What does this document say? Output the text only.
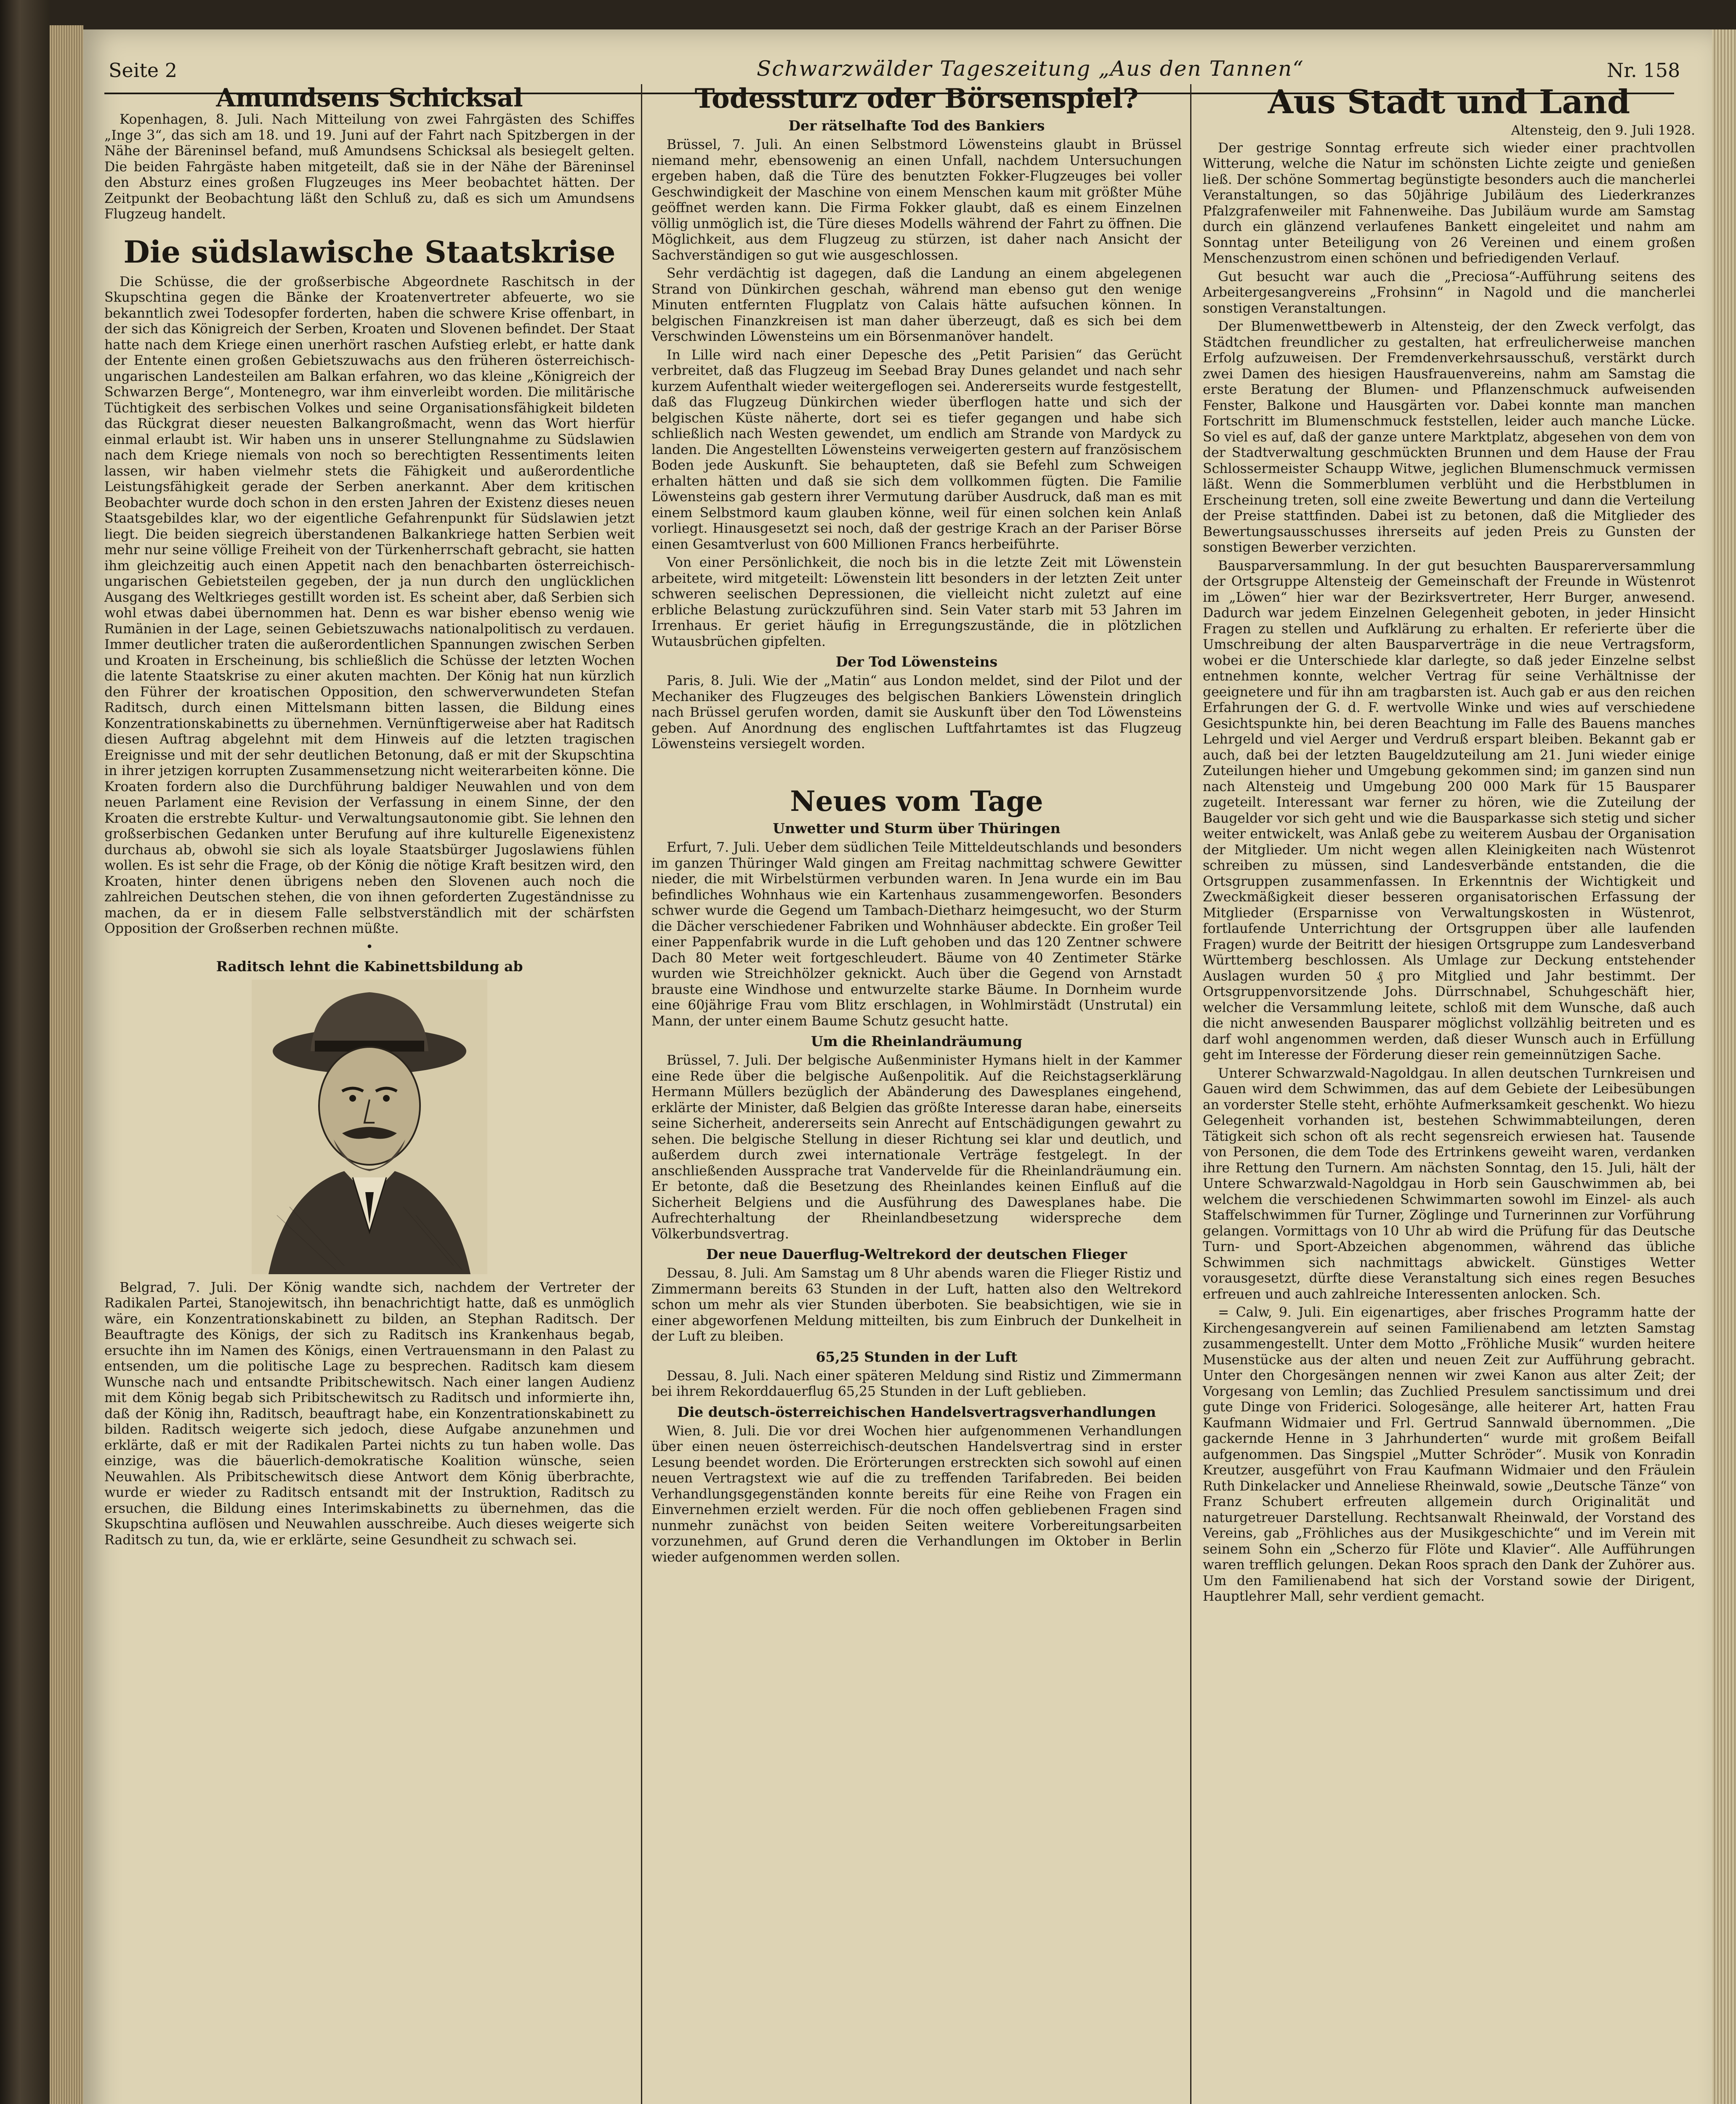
Seite 2	Schwarzwälder Tageszeitung „Aus den Tannen“	Nr. 158
Amundsens Schicksal

Kopenhagen, 8. Juli. Nach Mitteilung von zwei Fahrgästen des Schiffes „Inge 3“, das sich am 18. und 19. Juni auf der Fahrt nach Spitzbergen in der Nähe der Bäreninsel befand, muß Amundsens Schicksal als besiegelt gelten. Die beiden Fahrgäste haben mitgeteilt, daß sie in der Nähe der Bäreninsel den Absturz eines großen Flugzeuges ins Meer beobachtet hätten. Der Zeitpunkt der Beobachtung läßt den Schluß zu, daß es sich um Amundsens Flugzeug handelt.

Die südslawische Staatskrise

Die Schüsse, die der großserbische Abgeordnete Raschitsch in der Skupschtina gegen die Bänke der Kroatenvertreter abfeuerte, wo sie bekanntlich zwei Todesopfer forderten, haben die schwere Krise offenbart, in der sich das Königreich der Serben, Kroaten und Slovenen befindet. Der Staat hatte nach dem Kriege einen unerhört raschen Aufstieg erlebt, er hatte dank der Entente einen großen Gebietszuwachs aus den früheren österreichisch-ungarischen Landesteilen am Balkan erfahren, wo das kleine „Königreich der Schwarzen Berge“, Montenegro, war ihm einverleibt worden. Die militärische Tüchtigkeit des serbischen Volkes und seine Organisationsfähigkeit bildeten das Rückgrat dieser neuesten Balkangroßmacht, wenn das Wort hierfür einmal erlaubt ist. Wir haben uns in unserer Stellungnahme zu Südslawien nach dem Kriege niemals von noch so berechtigten Ressentiments leiten lassen, wir haben vielmehr stets die Fähigkeit und außerordentliche Leistungsfähigkeit gerade der Serben anerkannt. Aber dem kritischen Beobachter wurde doch schon in den ersten Jahren der Existenz dieses neuen Staatsgebildes klar, wo der eigentliche Gefahrenpunkt für Südslawien jetzt liegt. Die beiden siegreich überstandenen Balkankriege hatten Serbien weit mehr nur seine völlige Freiheit von der Türkenherrschaft gebracht, sie hatten ihm gleichzeitig auch einen Appetit nach den benachbarten österreichisch-ungarischen Gebietsteilen gegeben, der ja nun durch den unglücklichen Ausgang des Weltkrieges gestillt worden ist. Es scheint aber, daß Serbien sich wohl etwas dabei übernommen hat. Denn es war bisher ebenso wenig wie Rumänien in der Lage, seinen Gebietszuwachs nationalpolitisch zu verdauen. Immer deutlicher traten die außerordentlichen Spannungen zwischen Serben und Kroaten in Erscheinung, bis schließlich die Schüsse der letzten Wochen die latente Staatskrise zu einer akuten machten. Der König hat nun kürzlich den Führer der kroatischen Opposition, den schwerverwundeten Stefan Raditsch, durch einen Mittelsmann bitten lassen, die Bildung eines Konzentrationskabinetts zu übernehmen. Vernünftigerweise aber hat Raditsch diesen Auftrag abgelehnt mit dem Hinweis auf die letzten tragischen Ereignisse und mit der sehr deutlichen Betonung, daß er mit der Skupschtina in ihrer jetzigen korrupten Zusammensetzung nicht weiterarbeiten könne. Die Kroaten fordern also die Durchführung baldiger Neuwahlen und von dem neuen Parlament eine Revision der Verfassung in einem Sinne, der den Kroaten die erstrebte Kultur- und Verwaltungsautonomie gibt. Sie lehnen den großserbischen Gedanken unter Berufung auf ihre kulturelle Eigenexistenz durchaus ab, obwohl sie sich als loyale Staatsbürger Jugoslawiens fühlen wollen. Es ist sehr die Frage, ob der König die nötige Kraft besitzen wird, den Kroaten, hinter denen übrigens neben den Slovenen auch noch die zahlreichen Deutschen stehen, die von ihnen geforderten Zugeständnisse zu machen, da er in diesem Falle selbstverständlich mit der schärfsten Opposition der Großserben rechnen müßte.

•
Raditsch lehnt die Kabinettsbildung ab

Belgrad, 7. Juli. Der König wandte sich, nachdem der Vertreter der Radikalen Partei, Stanojewitsch, ihn benachrichtigt hatte, daß es unmöglich wäre, ein Konzentrationskabinett zu bilden, an Stephan Raditsch. Der Beauftragte des Königs, der sich zu Raditsch ins Krankenhaus begab, ersuchte ihn im Namen des Königs, einen Vertrauensmann in den Palast zu entsenden, um die politische Lage zu besprechen. Raditsch kam diesem Wunsche nach und entsandte Pribitschewitsch. Nach einer langen Audienz mit dem König begab sich Pribitschewitsch zu Raditsch und informierte ihn, daß der König ihn, Raditsch, beauftragt habe, ein Konzentrationskabinett zu bilden. Raditsch weigerte sich jedoch, diese Aufgabe anzunehmen und erklärte, daß er mit der Radikalen Partei nichts zu tun haben wolle. Das einzige, was die bäuerlich-demokratische Koalition wünsche, seien Neuwahlen. Als Pribitschewitsch diese Antwort dem König überbrachte, wurde er wieder zu Raditsch entsandt mit der Instruktion, Raditsch zu ersuchen, die Bildung eines Interimskabinetts zu übernehmen, das die Skupschtina auflösen und Neuwahlen ausschreibe. Auch dieses weigerte sich Raditsch zu tun, da, wie er erklärte, seine Gesundheit zu schwach sei.

Todessturz oder Börsenspiel?
Der rätselhafte Tod des Bankiers

Brüssel, 7. Juli. An einen Selbstmord Löwensteins glaubt in Brüssel niemand mehr, ebensowenig an einen Unfall, nachdem Untersuchungen ergeben haben, daß die Türe des benutzten Fokker-Flugzeuges bei voller Geschwindigkeit der Maschine von einem Menschen kaum mit größter Mühe geöffnet werden kann. Die Firma Fokker glaubt, daß es einem Einzelnen völlig unmöglich ist, die Türe dieses Modells während der Fahrt zu öffnen. Die Möglichkeit, aus dem Flugzeug zu stürzen, ist daher nach Ansicht der Sachverständigen so gut wie ausgeschlossen.

Sehr verdächtig ist dagegen, daß die Landung an einem abgelegenen Strand von Dünkirchen geschah, während man ebenso gut den wenige Minuten entfernten Flugplatz von Calais hätte aufsuchen können. In belgischen Finanzkreisen ist man daher überzeugt, daß es sich bei dem Verschwinden Löwensteins um ein Börsenmanöver handelt.

In Lille wird nach einer Depesche des „Petit Parisien“ das Gerücht verbreitet, daß das Flugzeug im Seebad Bray Dunes gelandet und nach sehr kurzem Aufenthalt wieder weitergeflogen sei. Andererseits wurde festgestellt, daß das Flugzeug Dünkirchen wieder überflogen hatte und sich der belgischen Küste näherte, dort sei es tiefer gegangen und habe sich schließlich nach Westen gewendet, um endlich am Strande von Mardyck zu landen. Die Angestellten Löwensteins verweigerten gestern auf französischem Boden jede Auskunft. Sie behaupteten, daß sie Befehl zum Schweigen erhalten hätten und daß sie sich dem vollkommen fügten. Die Familie Löwensteins gab gestern ihrer Vermutung darüber Ausdruck, daß man es mit einem Selbstmord kaum glauben könne, weil für einen solchen kein Anlaß vorliegt. Hinausgesetzt sei noch, daß der gestrige Krach an der Pariser Börse einen Gesamtverlust von 600 Millionen Francs herbeiführte.

Von einer Persönlichkeit, die noch bis in die letzte Zeit mit Löwenstein arbeitete, wird mitgeteilt: Löwenstein litt besonders in der letzten Zeit unter schweren seelischen Depressionen, die vielleicht nicht zuletzt auf eine erbliche Belastung zurückzuführen sind. Sein Vater starb mit 53 Jahren im Irrenhaus. Er geriet häufig in Erregungszustände, die in plötzlichen Wutausbrüchen gipfelten.

Der Tod Löwensteins

Paris, 8. Juli. Wie der „Matin“ aus London meldet, sind der Pilot und der Mechaniker des Flugzeuges des belgischen Bankiers Löwenstein dringlich nach Brüssel gerufen worden, damit sie Auskunft über den Tod Löwensteins geben. Auf Anordnung des englischen Luftfahrtamtes ist das Flugzeug Löwensteins versiegelt worden.

Neues vom Tage
Unwetter und Sturm über Thüringen

Erfurt, 7. Juli. Ueber dem südlichen Teile Mitteldeutschlands und besonders im ganzen Thüringer Wald gingen am Freitag nachmittag schwere Gewitter nieder, die mit Wirbelstürmen verbunden waren. In Jena wurde ein im Bau befindliches Wohnhaus wie ein Kartenhaus zusammengeworfen. Besonders schwer wurde die Gegend um Tambach-Dietharz heimgesucht, wo der Sturm die Dächer verschiedener Fabriken und Wohnhäuser abdeckte. Ein großer Teil einer Pappenfabrik wurde in die Luft gehoben und das 120 Zentner schwere Dach 80 Meter weit fortgeschleudert. Bäume von 40 Zentimeter Stärke wurden wie Streichhölzer geknickt. Auch über die Gegend von Arnstadt brauste eine Windhose und entwurzelte starke Bäume. In Dornheim wurde eine 60jährige Frau vom Blitz erschlagen, in Wohlmirstädt (Unstrutal) ein Mann, der unter einem Baume Schutz gesucht hatte.

Um die Rheinlandräumung

Brüssel, 7. Juli. Der belgische Außenminister Hymans hielt in der Kammer eine Rede über die belgische Außenpolitik. Auf die Reichstagserklärung Hermann Müllers bezüglich der Abänderung des Dawesplanes eingehend, erklärte der Minister, daß Belgien das größte Interesse daran habe, einerseits seine Sicherheit, andererseits sein Anrecht auf Entschädigungen gewahrt zu sehen. Die belgische Stellung in dieser Richtung sei klar und deutlich, und außerdem durch zwei internationale Verträge festgelegt. In der anschließenden Aussprache trat Vandervelde für die Rheinlandräumung ein. Er betonte, daß die Besetzung des Rheinlandes keinen Einfluß auf die Sicherheit Belgiens und die Ausführung des Dawesplanes habe. Die Aufrechterhaltung der Rheinlandbesetzung widerspreche dem Völkerbundsvertrag.

Der neue Dauerflug-Weltrekord der deutschen Flieger

Dessau, 8. Juli. Am Samstag um 8 Uhr abends waren die Flieger Ristiz und Zimmermann bereits 63 Stunden in der Luft, hatten also den Weltrekord schon um mehr als vier Stunden überboten. Sie beabsichtigen, wie sie in einer abgeworfenen Meldung mitteilten, bis zum Einbruch der Dunkelheit in der Luft zu bleiben.

65,25 Stunden in der Luft

Dessau, 8. Juli. Nach einer späteren Meldung sind Ristiz und Zimmermann bei ihrem Rekorddauerflug 65,25 Stunden in der Luft geblieben.

Die deutsch-österreichischen Handelsvertragsverhandlungen

Wien, 8. Juli. Die vor drei Wochen hier aufgenommenen Verhandlungen über einen neuen österreichisch-deutschen Handelsvertrag sind in erster Lesung beendet worden. Die Erörterungen erstreckten sich sowohl auf einen neuen Vertragstext wie auf die zu treffenden Tarifabreden. Bei beiden Verhandlungsgegenständen konnte bereits für eine Reihe von Fragen ein Einvernehmen erzielt werden. Für die noch offen gebliebenen Fragen sind nunmehr zunächst von beiden Seiten weitere Vorbereitungsarbeiten vorzunehmen, auf Grund deren die Verhandlungen im Oktober in Berlin wieder aufgenommen werden sollen.

Aus Stadt und Land
Altensteig, den 9. Juli 1928.

Der gestrige Sonntag erfreute sich wieder einer prachtvollen Witterung, welche die Natur im schönsten Lichte zeigte und genießen ließ. Der schöne Sommertag begünstigte besonders auch die mancherlei Veranstaltungen, so das 50jährige Jubiläum des Liederkranzes Pfalzgrafenweiler mit Fahnenweihe. Das Jubiläum wurde am Samstag durch ein glänzend verlaufenes Bankett eingeleitet und nahm am Sonntag unter Beteiligung von 26 Vereinen und einem großen Menschenzustrom einen schönen und befriedigenden Verlauf.

Gut besucht war auch die „Preciosa“-Aufführung seitens des Arbeitergesangvereins „Frohsinn“ in Nagold und die mancherlei sonstigen Veranstaltungen.

Der Blumenwettbewerb in Altensteig, der den Zweck verfolgt, das Städtchen freundlicher zu gestalten, hat erfreulicherweise manchen Erfolg aufzuweisen. Der Fremdenverkehrsausschuß, verstärkt durch zwei Damen des hiesigen Hausfrauenvereins, nahm am Samstag die erste Beratung der Blumen- und Pflanzenschmuck aufweisenden Fenster, Balkone und Hausgärten vor. Dabei konnte man manchen Fortschritt im Blumenschmuck feststellen, leider auch manche Lücke. So viel es auf, daß der ganze untere Marktplatz, abgesehen von dem von der Stadtverwaltung geschmückten Brunnen und dem Hause der Frau Schlossermeister Schaupp Witwe, jeglichen Blumenschmuck vermissen läßt. Wenn die Sommerblumen verblüht und die Herbstblumen in Erscheinung treten, soll eine zweite Bewertung und dann die Verteilung der Preise stattfinden. Dabei ist zu betonen, daß die Mitglieder des Bewertungsausschusses ihrerseits auf jeden Preis zu Gunsten der sonstigen Bewerber verzichten.

Bausparversammlung. In der gut besuchten Bausparerversammlung der Ortsgruppe Altensteig der Gemeinschaft der Freunde in Wüstenrot im „Löwen“ hier war der Bezirksvertreter, Herr Burger, anwesend. Dadurch war jedem Einzelnen Gelegenheit geboten, in jeder Hinsicht Fragen zu stellen und Aufklärung zu erhalten. Er referierte über die Umschreibung der alten Bausparverträge in die neue Vertragsform, wobei er die Unterschiede klar darlegte, so daß jeder Einzelne selbst entnehmen konnte, welcher Vertrag für seine Verhältnisse der geeignetere und für ihn am tragbarsten ist. Auch gab er aus den reichen Erfahrungen der G. d. F. wertvolle Winke und wies auf verschiedene Gesichtspunkte hin, bei deren Beachtung im Falle des Bauens manches Lehrgeld und viel Aerger und Verdruß erspart bleiben. Bekannt gab er auch, daß bei der letzten Baugeldzuteilung am 21. Juni wieder einige Zuteilungen hieher und Umgebung gekommen sind; im ganzen sind nun nach Altensteig und Umgebung 200 000 Mark für 15 Bausparer zugeteilt. Interessant war ferner zu hören, wie die Zuteilung der Baugelder vor sich geht und wie die Bausparkasse sich stetig und sicher weiter entwickelt, was Anlaß gebe zu weiterem Ausbau der Organisation der Mitglieder. Um nicht wegen allen Kleinigkeiten nach Wüstenrot schreiben zu müssen, sind Landesverbände entstanden, die die Ortsgruppen zusammenfassen. In Erkenntnis der Wichtigkeit und Zweckmäßigkeit dieser besseren organisatorischen Erfassung der Mitglieder (Ersparnisse von Verwaltungskosten in Wüstenrot, fortlaufende Unterrichtung der Ortsgruppen über alle laufenden Fragen) wurde der Beitritt der hiesigen Ortsgruppe zum Landesverband Württemberg beschlossen. Als Umlage zur Deckung entstehender Auslagen wurden 50 ₰ pro Mitglied und Jahr bestimmt. Der Ortsgruppenvorsitzende Johs. Dürrschnabel, Schuhgeschäft hier, welcher die Versammlung leitete, schloß mit dem Wunsche, daß auch die nicht anwesenden Bausparer möglichst vollzählig beitreten und es darf wohl angenommen werden, daß dieser Wunsch auch in Erfüllung geht im Interesse der Förderung dieser rein gemeinnützigen Sache.

Unterer Schwarzwald-Nagoldgau. In allen deutschen Turnkreisen und Gauen wird dem Schwimmen, das auf dem Gebiete der Leibesübungen an vorderster Stelle steht, erhöhte Aufmerksamkeit geschenkt. Wo hiezu Gelegenheit vorhanden ist, bestehen Schwimmabteilungen, deren Tätigkeit sich schon oft als recht segensreich erwiesen hat. Tausende von Personen, die dem Tode des Ertrinkens geweiht waren, verdanken ihre Rettung den Turnern. Am nächsten Sonntag, den 15. Juli, hält der Untere Schwarzwald-Nagoldgau in Horb sein Gauschwimmen ab, bei welchem die verschiedenen Schwimmarten sowohl im Einzel- als auch Staffelschwimmen für Turner, Zöglinge und Turnerinnen zur Vorführung gelangen. Vormittags von 10 Uhr ab wird die Prüfung für das Deutsche Turn- und Sport-Abzeichen abgenommen, während das übliche Schwimmen sich nachmittags abwickelt. Günstiges Wetter vorausgesetzt, dürfte diese Veranstaltung sich eines regen Besuches erfreuen und auch zahlreiche Interessenten anlocken. Sch.

= Calw, 9. Juli. Ein eigenartiges, aber frisches Programm hatte der Kirchengesangverein auf seinen Familienabend am letzten Samstag zusammengestellt. Unter dem Motto „Fröhliche Musik“ wurden heitere Musenstücke aus der alten und neuen Zeit zur Aufführung gebracht. Unter den Chorgesängen nennen wir zwei Kanon aus alter Zeit; der Vorgesang von Lemlin; das Zuchlied Presulem sanctissimum und drei gute Dinge von Friderici. Sologesänge, alle heiterer Art, hatten Frau Kaufmann Widmaier und Frl. Gertrud Sannwald übernommen. „Die gackernde Henne in 3 Jahrhunderten“ wurde mit großem Beifall aufgenommen. Das Singspiel „Mutter Schröder“. Musik von Konradin Kreutzer, ausgeführt von Frau Kaufmann Widmaier und den Fräulein Ruth Dinkelacker und Anneliese Rheinwald, sowie „Deutsche Tänze“ von Franz Schubert erfreuten allgemein durch Originalität und naturgetreuer Darstellung. Rechtsanwalt Rheinwald, der Vorstand des Vereins, gab „Fröhliches aus der Musikgeschichte“ und im Verein mit seinem Sohn ein „Scherzo für Flöte und Klavier“. Alle Aufführungen waren trefflich gelungen. Dekan Roos sprach den Dank der Zuhörer aus. Um den Familienabend hat sich der Vorstand sowie der Dirigent, Hauptlehrer Mall, sehr verdient gemacht.
